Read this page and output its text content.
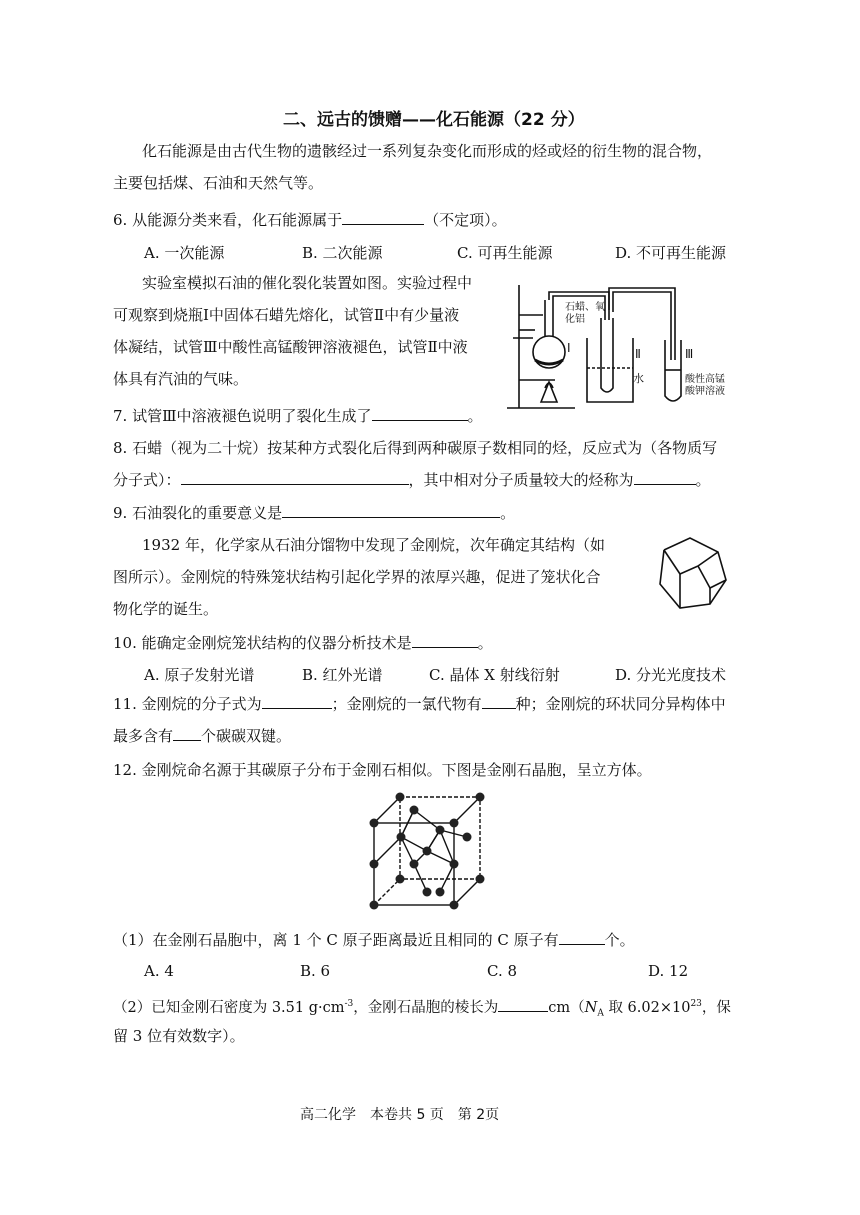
二、远古的馈赠——化石能源（22 分）
化石能源是由古代生物的遗骸经过一系列复杂变化而形成的烃或烃的衍生物的混合物，
主要包括煤、石油和天然气等。
6. 从能源分类来看，化石能源属于	（不定项）。
A. 一次能源	B. 二次能源	C. 可再生能源	D. 不可再生能源
实验室模拟石油的催化裂化装置如图。实验过程中
可观察到烧瓶Ⅰ中固体石蜡先熔化，试管Ⅱ中有少量液
体凝结，试管Ⅲ中酸性高锰酸钾溶液褪色，试管Ⅱ中液
体具有汽油的气味。
石蜡、氧
化铝
Ⅰ	Ⅱ
水
Ⅲ
酸性高锰
酸钾溶液
7. 试管Ⅲ中溶液褪色说明了裂化生成了	。
8. 石蜡（视为二十烷）按某种方式裂化后得到两种碳原子数相同的烃，反应式为（各物质写
分子式）：	，其中相对分子质量较大的烃称为	。
9. 石油裂化的重要意义是	。
1932 年，化学家从石油分馏物中发现了金刚烷，次年确定其结构（如
图所示）。金刚烷的特殊笼状结构引起化学界的浓厚兴趣，促进了笼状化合
物化学的诞生。
10. 能确定金刚烷笼状结构的仪器分析技术是	。
A. 原子发射光谱	B. 红外光谱	C. 晶体 X 射线衍射	D. 分光光度技术
11. 金刚烷的分子式为	；金刚烷的一氯代物有 种；金刚烷的环状同分异构体中
最多含有 个碳碳双键。
12. 金刚烷命名源于其碳原子分布于金刚石相似。下图是金刚石晶胞，呈立方体。
（1）在金刚石晶胞中，离 1 个 C 原子距离最近且相同的 C 原子有	个。
A. 4	B. 6	C. 8	D. 12
（2）已知金刚石密度为 3.51 $g\cdot cm^{-3}$，金刚石晶胞的棱长为	$cm(N_A$ 取 $6.02\times 10^{23}$，保
留 3 位有效数字）。
高二化学　本卷共 5 页　第 2页
